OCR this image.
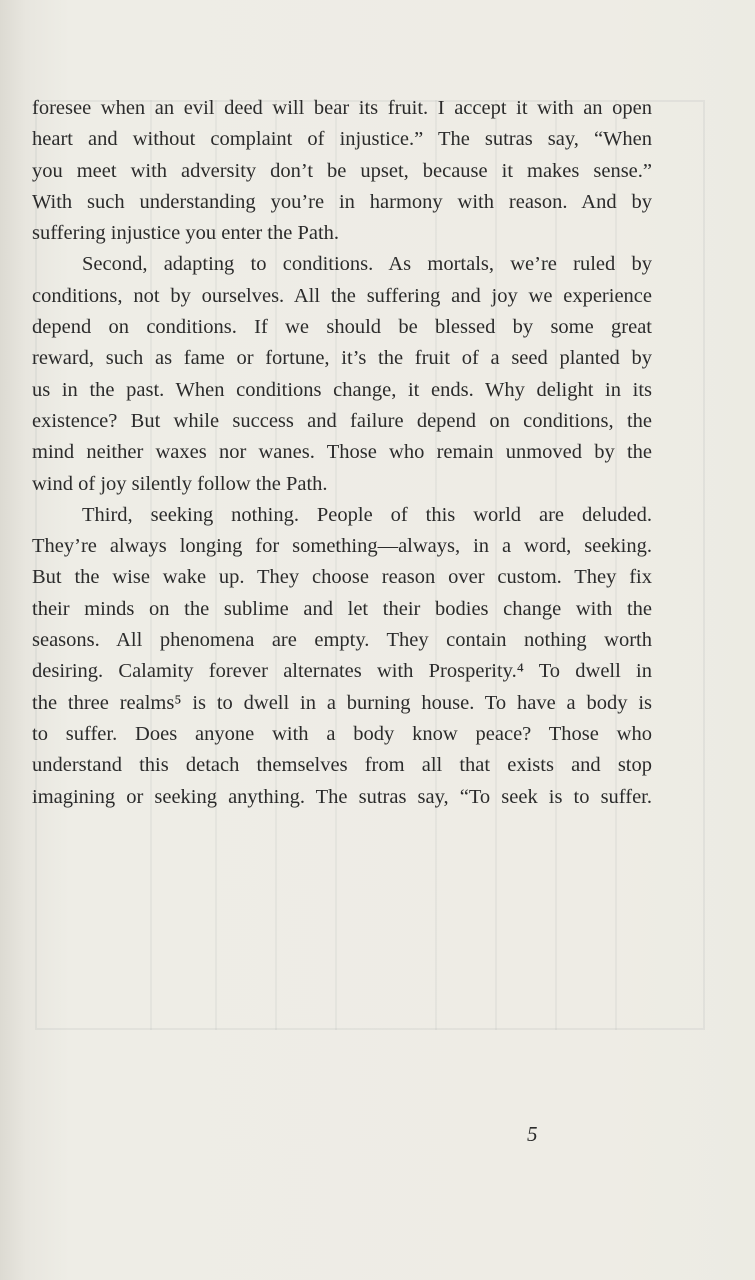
foresee when an evil deed will bear its fruit. I accept it with an open
heart and without complaint of injustice.” The sutras say, “When
you meet with adversity don’t be upset, because it makes sense.”
With such understanding you’re in harmony with reason. And by
suffering injustice you enter the Path.
Second, adapting to conditions. As mortals, we’re ruled by
conditions, not by ourselves. All the suffering and joy we experience
depend on conditions. If we should be blessed by some great
reward, such as fame or fortune, it’s the fruit of a seed planted by
us in the past. When conditions change, it ends. Why delight in its
existence? But while success and failure depend on conditions, the
mind neither waxes nor wanes. Those who remain unmoved by the
wind of joy silently follow the Path.
Third, seeking nothing. People of this world are deluded.
They’re always longing for something—always, in a word, seeking.
But the wise wake up. They choose reason over custom. They fix
their minds on the sublime and let their bodies change with the
seasons. All phenomena are empty. They contain nothing worth
desiring. Calamity forever alternates with Prosperity.⁴ To dwell in
the three realms⁵ is to dwell in a burning house. To have a body is
to suffer. Does anyone with a body know peace? Those who
understand this detach themselves from all that exists and stop
imagining or seeking anything. The sutras say, “To seek is to suffer.
5
